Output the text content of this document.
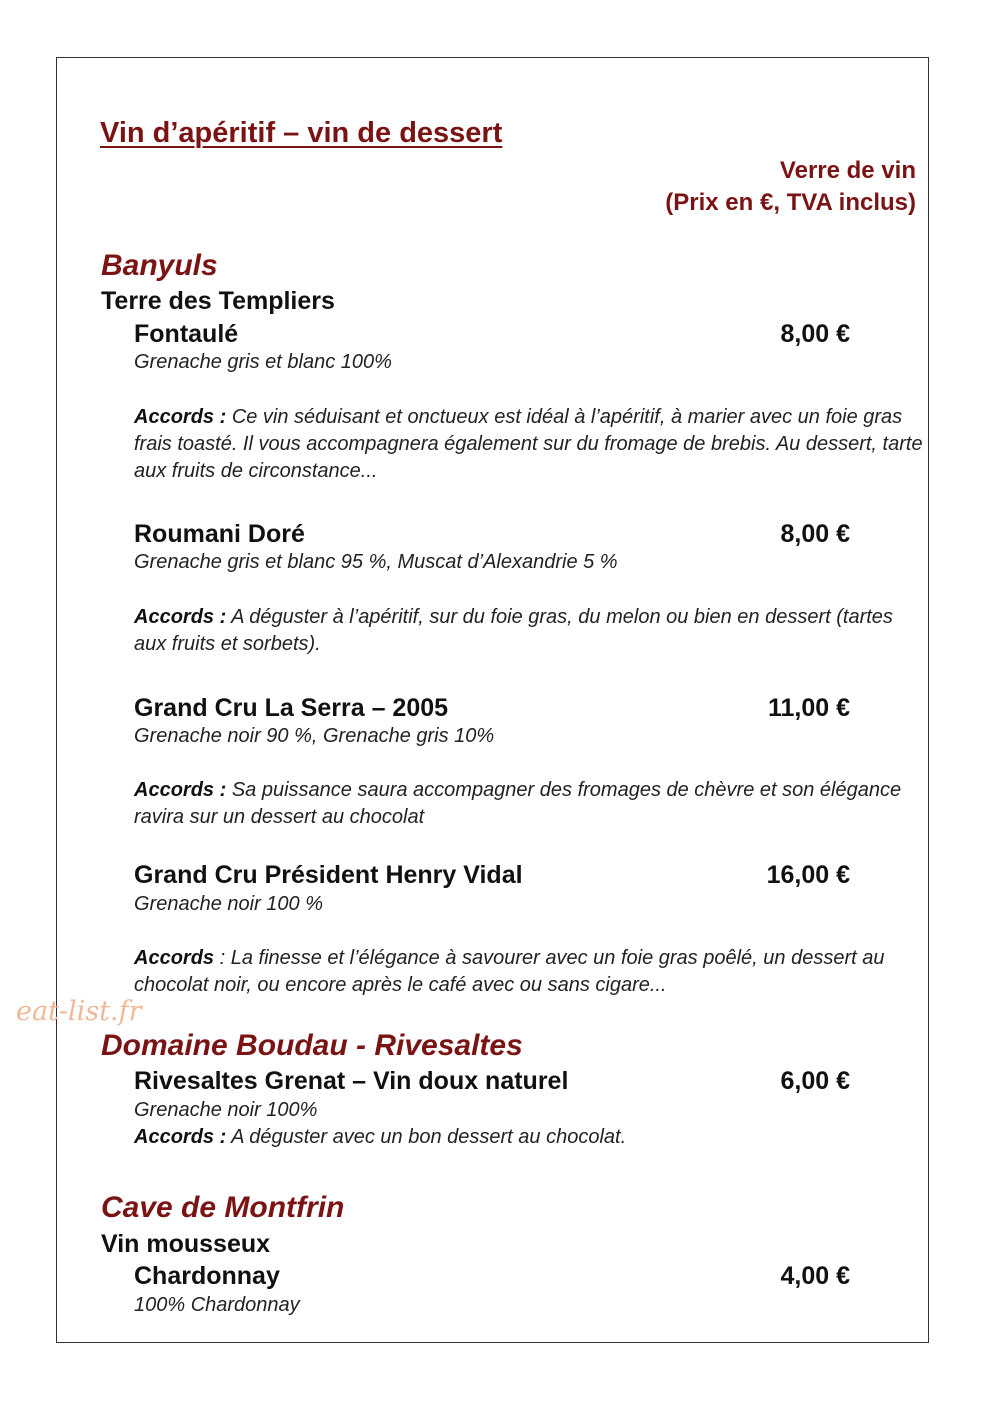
Vin d’apéritif – vin de dessert
Verre de vin
(Prix en €, TVA inclus)
Banyuls
Terre des Templiers
Fontaulé	8,00 €
Grenache gris et blanc 100%
Accords : Ce vin séduisant et onctueux est idéal à l’apéritif, à marier avec un foie gras frais toasté. Il vous accompagnera également sur du fromage de brebis. Au dessert, tarte aux fruits de circonstance...
Roumani Doré	8,00 €
Grenache gris et blanc 95 %, Muscat d’Alexandrie 5 %
Accords : A déguster à l’apéritif, sur du foie gras, du melon ou bien en dessert (tartes aux fruits et sorbets).
Grand Cru La Serra – 2005	11,00 €
Grenache noir 90 %, Grenache gris 10%
Accords : Sa puissance saura accompagner des fromages de chèvre et son élégance ravira sur un dessert au chocolat
Grand Cru Président Henry Vidal	16,00 €
Grenache noir 100 %
Accords : La finesse et l’élégance à savourer avec un foie gras poêlé, un dessert au chocolat noir, ou encore après le café avec ou sans cigare...
eat-list.fr
Domaine Boudau - Rivesaltes
Rivesaltes Grenat – Vin doux naturel	6,00 €
Grenache noir 100%
Accords : A déguster avec un bon dessert au chocolat.
Cave de Montfrin
Vin mousseux
Chardonnay	4,00 €
100% Chardonnay
